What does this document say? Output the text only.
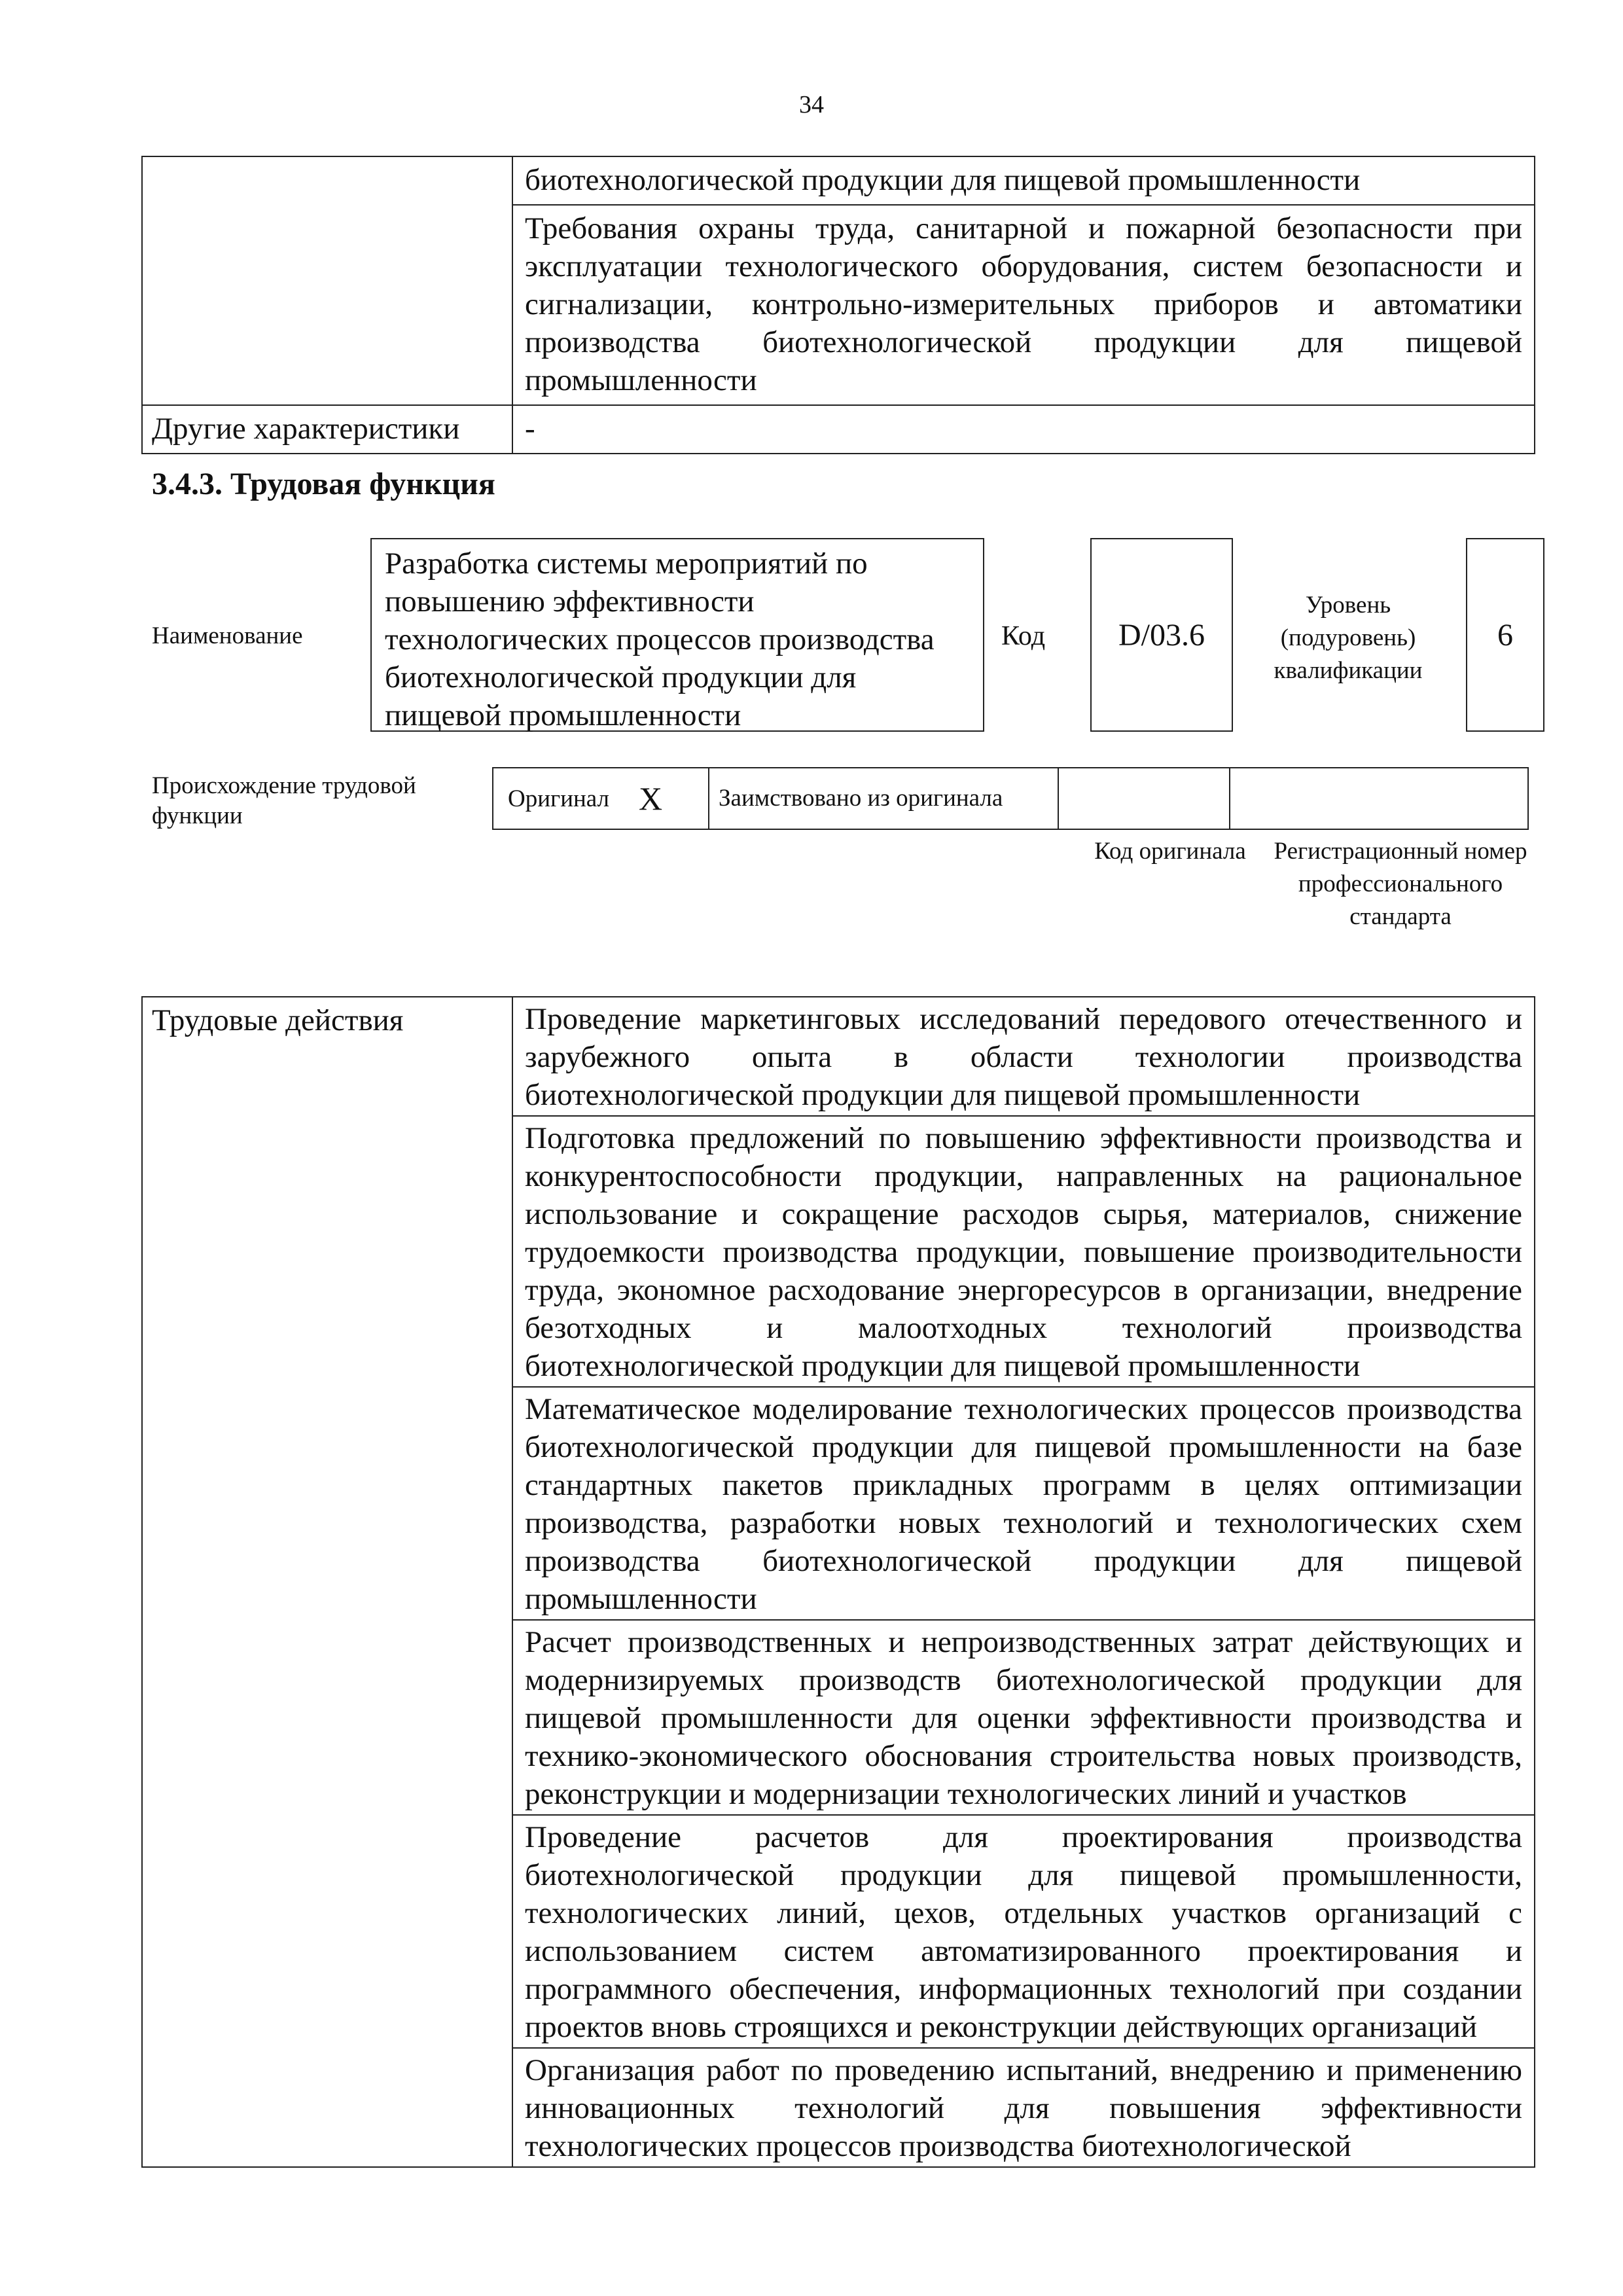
34
	биотехнологической продукции для пищевой промышленности
	Требования охраны труда, санитарной и пожарной безопасности при эксплуатации технологического оборудования, систем безопасности и сигнализации, контрольно-измерительных приборов и автоматики производства биотехнологической продукции для пищевой промышленности
Другие характеристики	-
3.4.3. Трудовая функция
Наименование
Разработка системы мероприятий по повышению эффективности технологических процессов производства биотехнологической продукции для пищевой промышленности
Код D/03.6
Уровень (подуровень) квалификации
6
Происхождение трудовой функции
Оригинал	X	Заимствовано из оригинала		
Код оригинала	Регистрационный номер профессионального стандарта
Трудовые действия	Проведение маркетинговых исследований передового отечественного и зарубежного опыта в области технологии производства биотехнологической продукции для пищевой промышленности
Подготовка предложений по повышению эффективности производства и конкурентоспособности продукции, направленных на рациональное использование и сокращение расходов сырья, материалов, снижение трудоемкости производства продукции, повышение производительности труда, экономное расходование энергоресурсов в организации, внедрение безотходных и малоотходных технологий производства биотехнологической продукции для пищевой промышленности
Математическое моделирование технологических процессов производства биотехнологической продукции для пищевой промышленности на базе стандартных пакетов прикладных программ в целях оптимизации производства, разработки новых технологий и технологических схем производства биотехнологической продукции для пищевой промышленности
Расчет производственных и непроизводственных затрат действующих и модернизируемых производств биотехнологической продукции для пищевой промышленности для оценки эффективности производства и технико-экономического обоснования строительства новых производств, реконструкции и модернизации технологических линий и участков
Проведение расчетов для проектирования производства биотехнологической продукции для пищевой промышленности, технологических линий, цехов, отдельных участков организаций с использованием систем автоматизированного проектирования и программного обеспечения, информационных технологий при создании проектов вновь строящихся и реконструкции действующих организаций
Организация работ по проведению испытаний, внедрению и применению инновационных технологий для повышения эффективности технологических процессов производства биотехнологической
